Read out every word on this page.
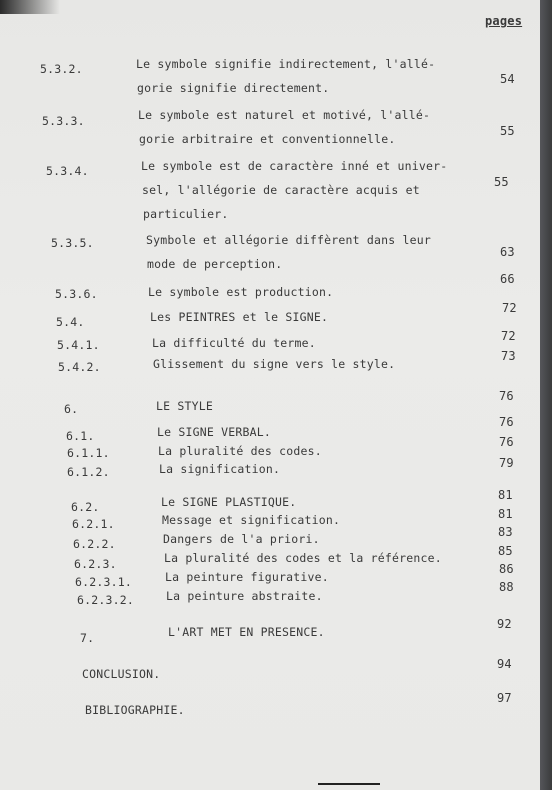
pages
5.3.2.	Le symbole signifie indirectement, l'allé-
gorie signifie directement.
54
5.3.3.	Le symbole est naturel et motivé, l'allé-
gorie arbitraire et conventionnelle.
55
5.3.4.	Le symbole est de caractère inné et univer-
sel, l'allégorie de caractère acquis et
particulier.
55
5.3.5.	Symbole et allégorie diffèrent dans leur
mode de perception.
63
5.3.6.	Le symbole est production.
66
5.4.	Les PEINTRES et le SIGNE.
72
5.4.1.	La difficulté du terme.	72
5.4.2.	Glissement du signe vers le style.
73
6.	LE STYLE
76
6.1.	Le SIGNE VERBAL.
76
6.1.1.	La pluralité des codes.
76
6.1.2.	La signification.	79
6.2.	Le SIGNE PLASTIQUE.	81
6.2.1.	Message et signification.	81
6.2.2.	Dangers de l'a priori.	83
6.2.3.	La pluralité des codes et la référence.	85
6.2.3.1.	La peinture figurative.
86
6.2.3.2.	La peinture abstraite.
88
7.	L'ART MET EN PRESENCE.
92
CONCLUSION.
94
BIBLIOGRAPHIE.
97
